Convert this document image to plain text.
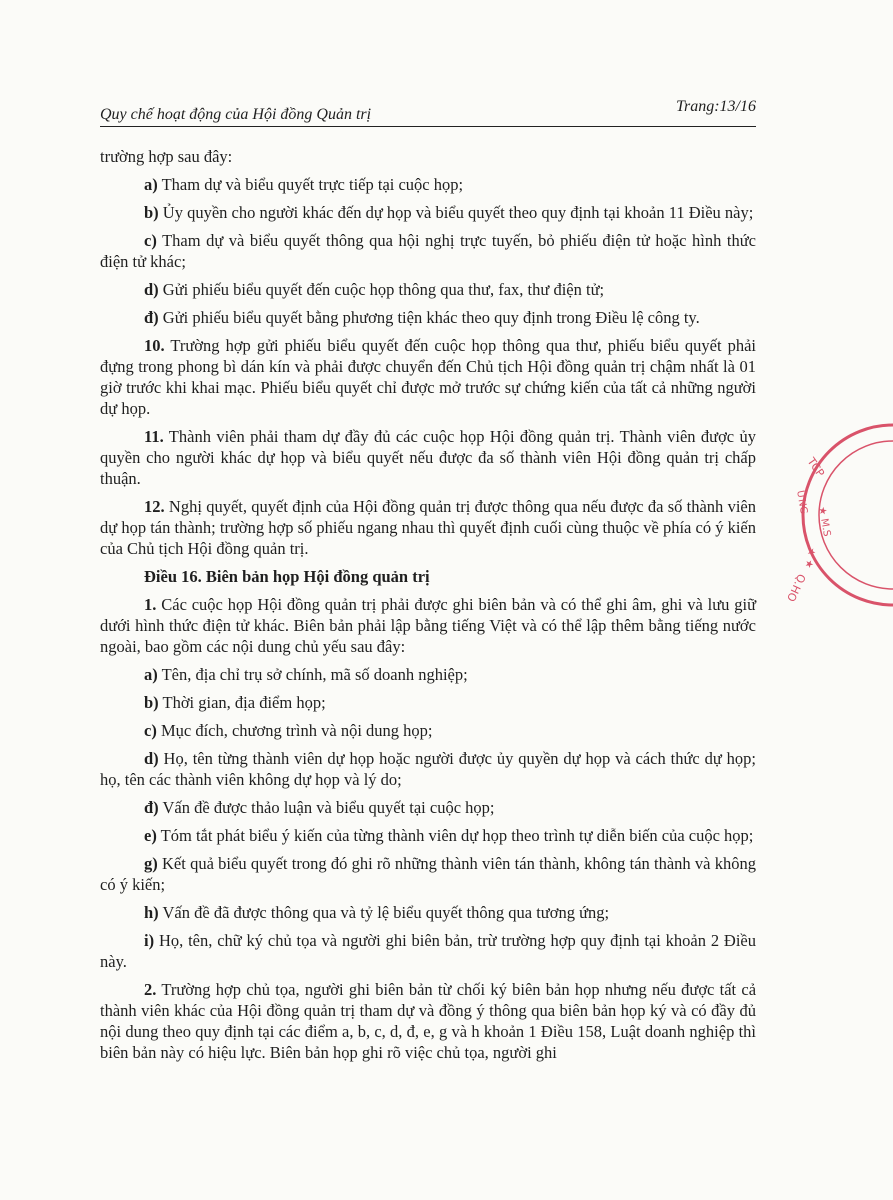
Quy chế hoạt động của Hội đồng Quản trị	Trang:13/16

trường hợp sau đây:

a) Tham dự và biểu quyết trực tiếp tại cuộc họp;

b) Ủy quyền cho người khác đến dự họp và biểu quyết theo quy định tại khoản 11 Điều này;

c) Tham dự và biểu quyết thông qua hội nghị trực tuyến, bỏ phiếu điện tử hoặc hình thức điện tử khác;

d) Gửi phiếu biểu quyết đến cuộc họp thông qua thư, fax, thư điện tử;

đ) Gửi phiếu biểu quyết bằng phương tiện khác theo quy định trong Điều lệ công ty.

10. Trường hợp gửi phiếu biểu quyết đến cuộc họp thông qua thư, phiếu biểu quyết phải đựng trong phong bì dán kín và phải được chuyển đến Chủ tịch Hội đồng quản trị chậm nhất là 01 giờ trước khi khai mạc. Phiếu biểu quyết chỉ được mở trước sự chứng kiến của tất cả những người dự họp.

11. Thành viên phải tham dự đầy đủ các cuộc họp Hội đồng quản trị. Thành viên được ủy quyền cho người khác dự họp và biểu quyết nếu được đa số thành viên Hội đồng quản trị chấp thuận.

12. Nghị quyết, quyết định của Hội đồng quản trị được thông qua nếu được đa số thành viên dự họp tán thành; trường hợp số phiếu ngang nhau thì quyết định cuối cùng thuộc về phía có ý kiến của Chủ tịch Hội đồng quản trị.

Điều 16. Biên bản họp Hội đồng quản trị

1. Các cuộc họp Hội đồng quản trị phải được ghi biên bản và có thể ghi âm, ghi và lưu giữ dưới hình thức điện tử khác. Biên bản phải lập bằng tiếng Việt và có thể lập thêm bằng tiếng nước ngoài, bao gồm các nội dung chủ yếu sau đây:

a) Tên, địa chỉ trụ sở chính, mã số doanh nghiệp;

b) Thời gian, địa điểm họp;

c) Mục đích, chương trình và nội dung họp;

d) Họ, tên từng thành viên dự họp hoặc người được ủy quyền dự họp và cách thức dự họp; họ, tên các thành viên không dự họp và lý do;

đ) Vấn đề được thảo luận và biểu quyết tại cuộc họp;

e) Tóm tắt phát biểu ý kiến của từng thành viên dự họp theo trình tự diễn biến của cuộc họp;

g) Kết quả biểu quyết trong đó ghi rõ những thành viên tán thành, không tán thành và không có ý kiến;

h) Vấn đề đã được thông qua và tỷ lệ biểu quyết thông qua tương ứng;

i) Họ, tên, chữ ký chủ tọa và người ghi biên bản, trừ trường hợp quy định tại khoản 2 Điều này.

2. Trường hợp chủ tọa, người ghi biên bản từ chối ký biên bản họp nhưng nếu được tất cả thành viên khác của Hội đồng quản trị tham dự và đồng ý thông qua biên bản họp ký và có đầy đủ nội dung theo quy định tại các điểm a, b, c, d, đ, e, g và h khoản 1 Điều 158, Luật doanh nghiệp thì biên bản này có hiệu lực. Biên bản họp ghi rõ việc chủ tọa, người ghi

TCP
★ M.S
ỨNG
★ ★
Q.HO
